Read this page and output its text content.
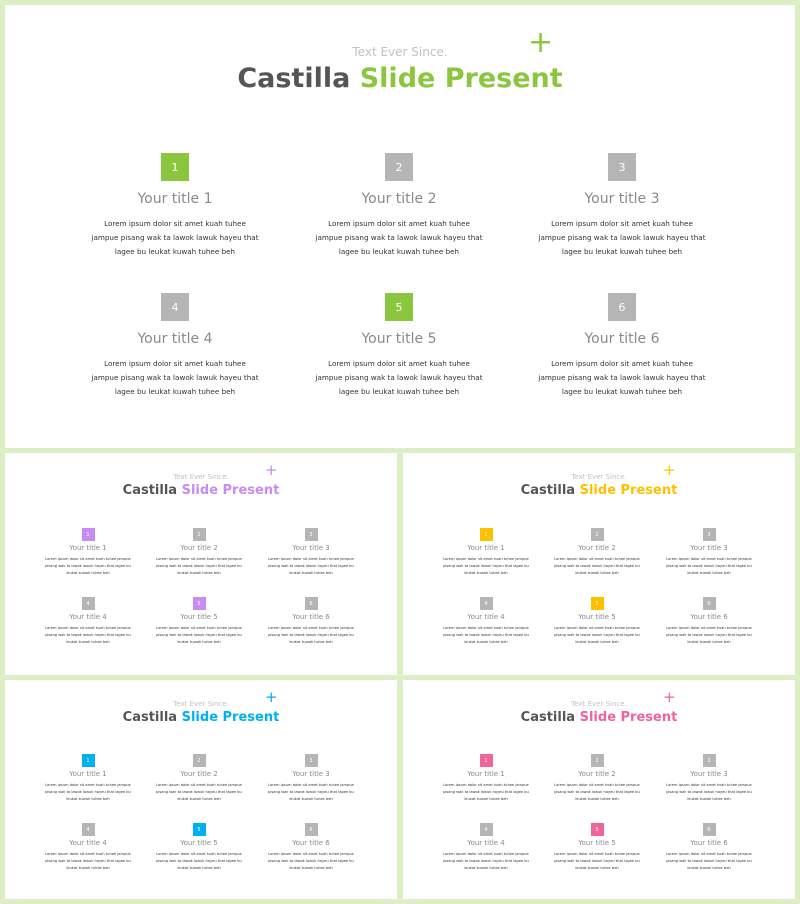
Text Ever Since.
Castilla Slide Present
+
1
Your title 1
Lorem ipsum dolor sit amet kuah tuhee jampue pisang wak ta lawok lawuk hayeu that lagee bu leukat kuwah tuhee beh
2
Your title 2
Lorem ipsum dolor sit amet kuah tuhee jampue pisang wak ta lawok lawuk hayeu that lagee bu leukat kuwah tuhee beh
3
Your title 3
Lorem ipsum dolor sit amet kuah tuhee jampue pisang wak ta lawok lawuk hayeu that lagee bu leukat kuwah tuhee beh
4
Your title 4
Lorem ipsum dolor sit amet kuah tuhee jampue pisang wak ta lawok lawuk hayeu that lagee bu leukat kuwah tuhee beh
5
Your title 5
Lorem ipsum dolor sit amet kuah tuhee jampue pisang wak ta lawok lawuk hayeu that lagee bu leukat kuwah tuhee beh
6
Your title 6
Lorem ipsum dolor sit amet kuah tuhee jampue pisang wak ta lawok lawuk hayeu that lagee bu leukat kuwah tuhee beh
Text Ever Since.
Castilla Slide Present
+
1
Your title 1
Lorem ipsum dolor sit amet kuah tuhee jampue pisang wak ta lawok lawuk hayeu that lagee bu leukat kuwah tuhee beh
2
Your title 2
Lorem ipsum dolor sit amet kuah tuhee jampue pisang wak ta lawok lawuk hayeu that lagee bu leukat kuwah tuhee beh
3
Your title 3
Lorem ipsum dolor sit amet kuah tuhee jampue pisang wak ta lawok lawuk hayeu that lagee bu leukat kuwah tuhee beh
4
Your title 4
Lorem ipsum dolor sit amet kuah tuhee jampue pisang wak ta lawok lawuk hayeu that lagee bu leukat kuwah tuhee beh
5
Your title 5
Lorem ipsum dolor sit amet kuah tuhee jampue pisang wak ta lawok lawuk hayeu that lagee bu leukat kuwah tuhee beh
6
Your title 6
Lorem ipsum dolor sit amet kuah tuhee jampue pisang wak ta lawok lawuk hayeu that lagee bu leukat kuwah tuhee beh
Text Ever Since.
Castilla Slide Present
+
1
Your title 1
Lorem ipsum dolor sit amet kuah tuhee jampue pisang wak ta lawok lawuk hayeu that lagee bu leukat kuwah tuhee beh
2
Your title 2
Lorem ipsum dolor sit amet kuah tuhee jampue pisang wak ta lawok lawuk hayeu that lagee bu leukat kuwah tuhee beh
3
Your title 3
Lorem ipsum dolor sit amet kuah tuhee jampue pisang wak ta lawok lawuk hayeu that lagee bu leukat kuwah tuhee beh
4
Your title 4
Lorem ipsum dolor sit amet kuah tuhee jampue pisang wak ta lawok lawuk hayeu that lagee bu leukat kuwah tuhee beh
5
Your title 5
Lorem ipsum dolor sit amet kuah tuhee jampue pisang wak ta lawok lawuk hayeu that lagee bu leukat kuwah tuhee beh
6
Your title 6
Lorem ipsum dolor sit amet kuah tuhee jampue pisang wak ta lawok lawuk hayeu that lagee bu leukat kuwah tuhee beh
Text Ever Since.
Castilla Slide Present
+
1
Your title 1
Lorem ipsum dolor sit amet kuah tuhee jampue pisang wak ta lawok lawuk hayeu that lagee bu leukat kuwah tuhee beh
2
Your title 2
Lorem ipsum dolor sit amet kuah tuhee jampue pisang wak ta lawok lawuk hayeu that lagee bu leukat kuwah tuhee beh
3
Your title 3
Lorem ipsum dolor sit amet kuah tuhee jampue pisang wak ta lawok lawuk hayeu that lagee bu leukat kuwah tuhee beh
4
Your title 4
Lorem ipsum dolor sit amet kuah tuhee jampue pisang wak ta lawok lawuk hayeu that lagee bu leukat kuwah tuhee beh
5
Your title 5
Lorem ipsum dolor sit amet kuah tuhee jampue pisang wak ta lawok lawuk hayeu that lagee bu leukat kuwah tuhee beh
6
Your title 6
Lorem ipsum dolor sit amet kuah tuhee jampue pisang wak ta lawok lawuk hayeu that lagee bu leukat kuwah tuhee beh
Text Ever Since.
Castilla Slide Present
+
1
Your title 1
Lorem ipsum dolor sit amet kuah tuhee jampue pisang wak ta lawok lawuk hayeu that lagee bu leukat kuwah tuhee beh
2
Your title 2
Lorem ipsum dolor sit amet kuah tuhee jampue pisang wak ta lawok lawuk hayeu that lagee bu leukat kuwah tuhee beh
3
Your title 3
Lorem ipsum dolor sit amet kuah tuhee jampue pisang wak ta lawok lawuk hayeu that lagee bu leukat kuwah tuhee beh
4
Your title 4
Lorem ipsum dolor sit amet kuah tuhee jampue pisang wak ta lawok lawuk hayeu that lagee bu leukat kuwah tuhee beh
5
Your title 5
Lorem ipsum dolor sit amet kuah tuhee jampue pisang wak ta lawok lawuk hayeu that lagee bu leukat kuwah tuhee beh
6
Your title 6
Lorem ipsum dolor sit amet kuah tuhee jampue pisang wak ta lawok lawuk hayeu that lagee bu leukat kuwah tuhee beh
